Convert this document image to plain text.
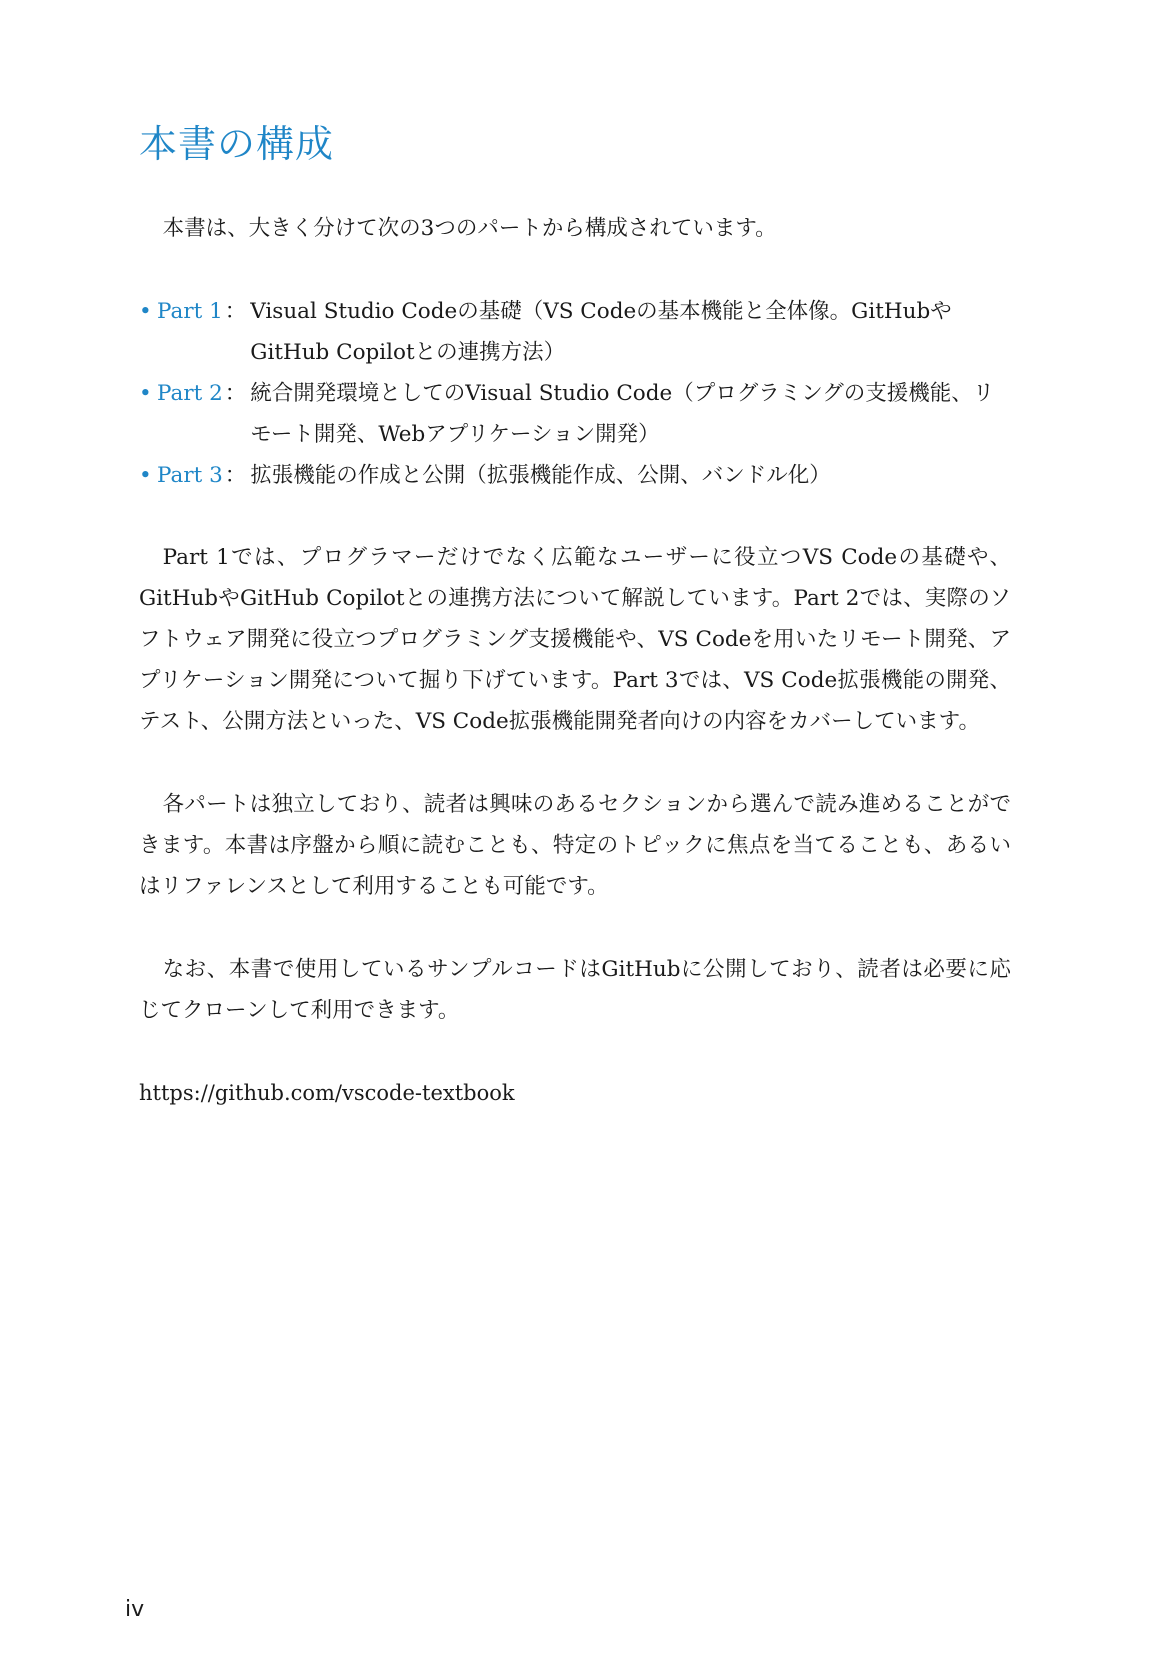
本書の構成

本書は、大きく分けて次の3つのパートから構成されています。

• Part 1 ： Visual Studio Codeの基礎（VS Codeの基本機能と全体像。GitHubやGitHub Copilotとの連携方法）
• Part 2 ： 統合開発環境としてのVisual Studio Code（プログラミングの支援機能、リモート開発、Webアプリケーション開発）
• Part 3 ： 拡張機能の作成と公開（拡張機能作成、公開、バンドル化）

Part 1では、プログラマーだけでなく広範なユーザーに役立つVS Codeの基礎や、GitHubやGitHub Copilotとの連携方法について解説しています。Part 2では、実際のソフトウェア開発に役立つプログラミング支援機能や、VS Codeを用いたリモート開発、アプリケーション開発について掘り下げています。Part 3では、VS Code拡張機能の開発、テスト、公開方法といった、VS Code拡張機能開発者向けの内容をカバーしています。

各パートは独立しており、読者は興味のあるセクションから選んで読み進めることができます。本書は序盤から順に読むことも、特定のトピックに焦点を当てることも、あるいはリファレンスとして利用することも可能です。

なお、本書で使用しているサンプルコードはGitHubに公開しており、読者は必要に応じてクローンして利用できます。

https://github.com/vscode-textbook

iv
